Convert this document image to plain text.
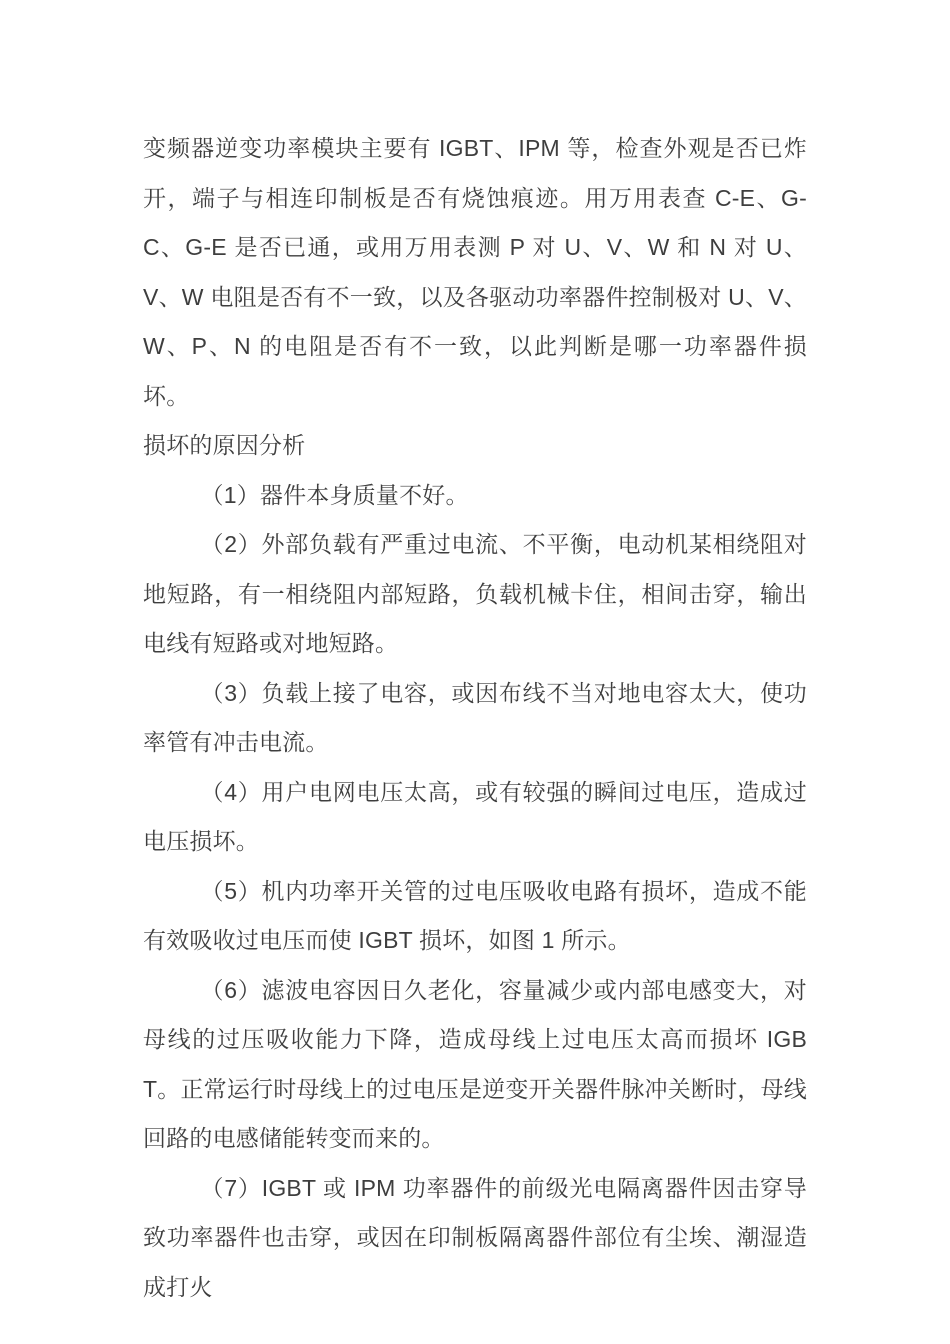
变频器逆变功率模块主要有 IGBT、IPM 等，检查外观是否已炸开，端子与相连印制板是否有烧蚀痕迹。用万用表查 C-E、G-C、G-E 是否已通，或用万用表测 P 对 U、V、W 和 N 对 U、V、W 电阻是否有不一致，以及各驱动功率器件控制极对 U、V、W、P、N 的电阻是否有不一致，以此判断是哪一功率器件损坏。

损坏的原因分析

（1）器件本身质量不好。

（2）外部负载有严重过电流、不平衡，电动机某相绕阻对地短路，有一相绕阻内部短路，负载机械卡住，相间击穿，输出电线有短路或对地短路。

（3）负载上接了电容，或因布线不当对地电容太大，使功率管有冲击电流。

（4）用户电网电压太高，或有较强的瞬间过电压，造成过电压损坏。

（5）机内功率开关管的过电压吸收电路有损坏，造成不能有效吸收过电压而使 IGBT 损坏，如图 1 所示。

（6）滤波电容因日久老化，容量减少或内部电感变大，对母线的过压吸收能力下降，造成母线上过电压太高而损坏 IGBT。正常运行时母线上的过电压是逆变开关器件脉冲关断时，母线回路的电感储能转变而来的。

（7）IGBT 或 IPM 功率器件的前级光电隔离器件因击穿导致功率器件也击穿，或因在印制板隔离器件部位有尘埃、潮湿造成打火
